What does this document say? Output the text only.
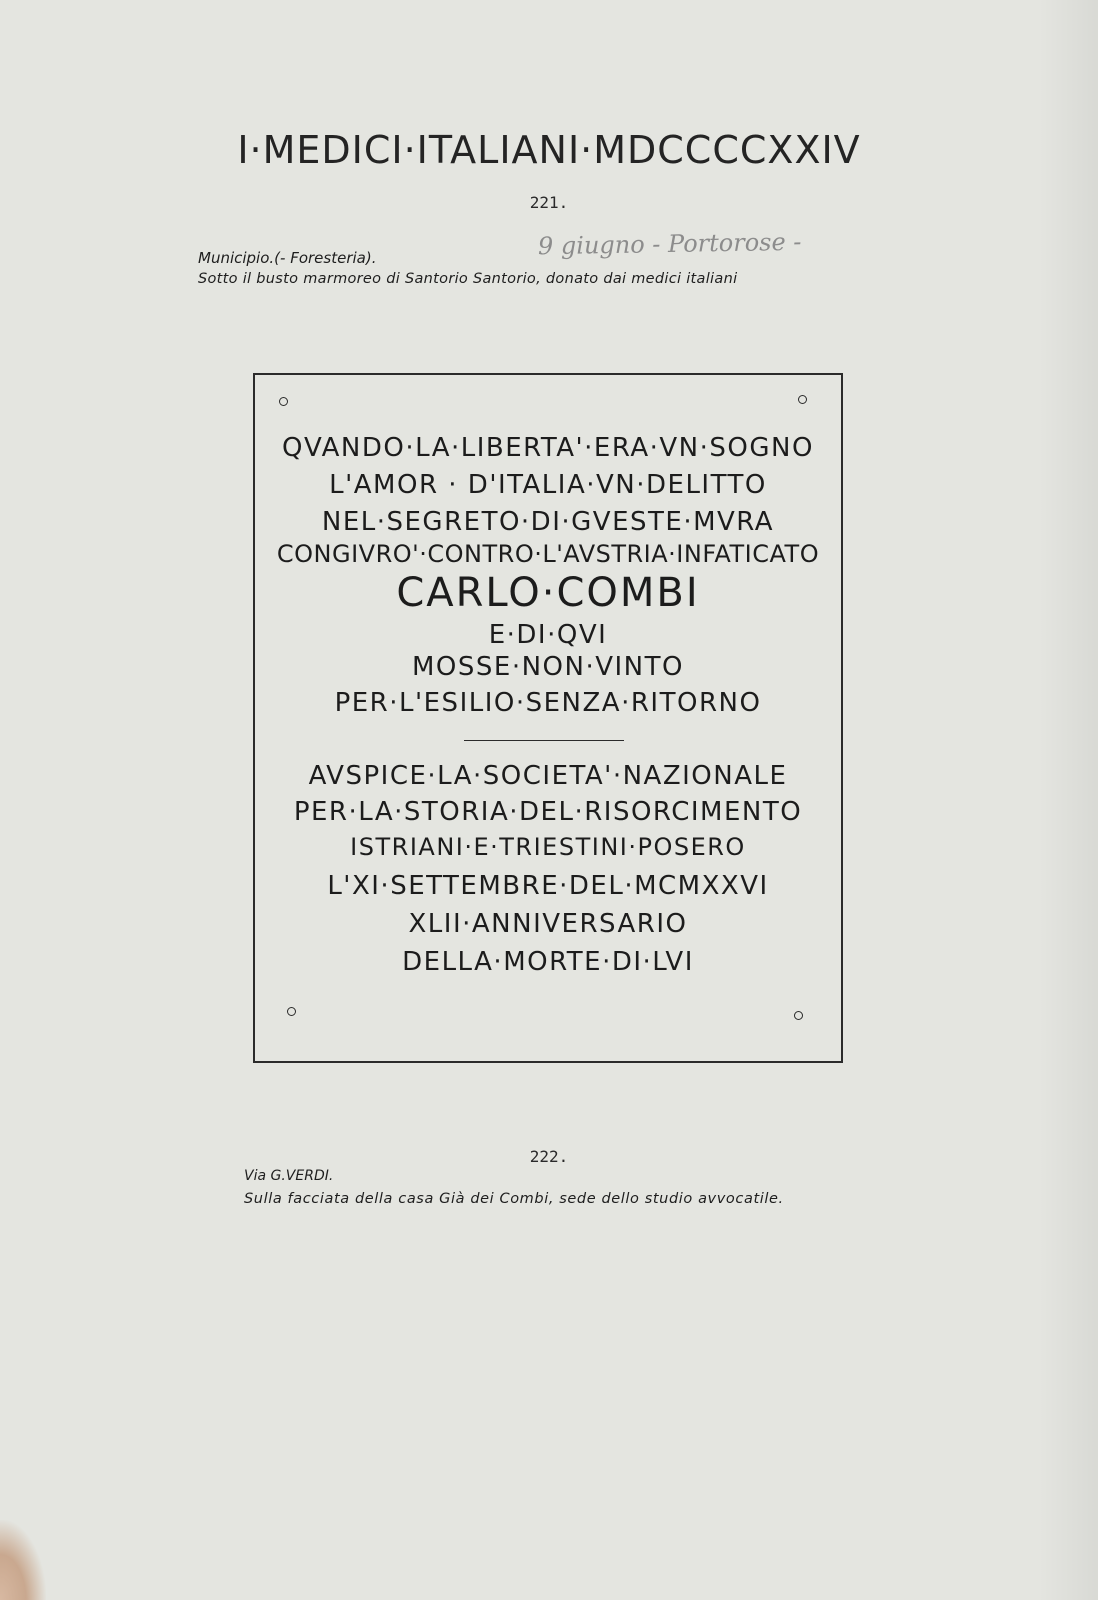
I·MEDICI·ITALIANI·MDCCCCXXIV
221.
Municipio.(- Foresteria).	9 giugno - Portorose -
Sotto il busto marmoreo di Santorio Santorio, donato dai medici italiani
QVANDO·LA·LIBERTA'·ERA·VN·SOGNO
L'AMOR · D'ITALIA·VN·DELITTO
NEL·SEGRETO·DI·GVESTE·MVRA
CONGIVRO'·CONTRO·L'AVSTRIA·INFATICATO
CARLO·COMBI
E·DI·QVI
MOSSE·NON·VINTO
PER·L'ESILIO·SENZA·RITORNO
AVSPICE·LA·SOCIETA'·NAZIONALE
PER·LA·STORIA·DEL·RISORCIMENTO
ISTRIANI·E·TRIESTINI·POSERO
L'XI·SETTEMBRE·DEL·MCMXXVI
XLII·ANNIVERSARIO
DELLA·MORTE·DI·LVI
222.
Via G.VERDI.
Sulla facciata della casa Già dei Combi, sede dello studio avvocatile.
